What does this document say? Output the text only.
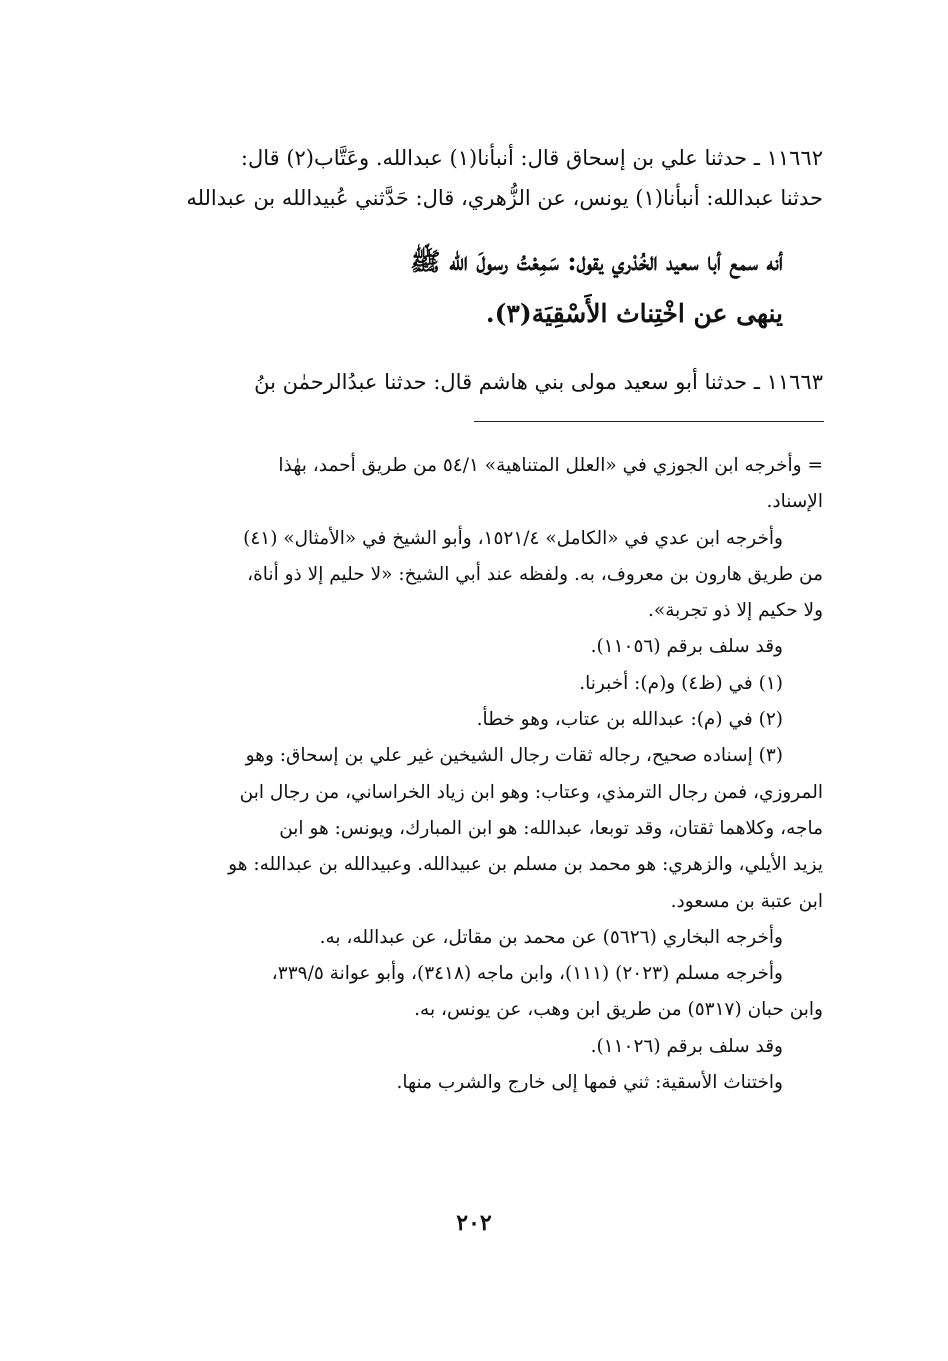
١١٦٦٢ ـ حدثنا علي بن إسحاق قال: أنبأنا(١) عبدالله. وعَتَّاب(٢) قال:
حدثنا عبدالله: أنبأنا(١) يونس، عن الزُّهري، قال: حَدَّثني عُبيدالله بن عبدالله
أنه سمع أبا سعيد الخُدْري يقول: سَمِعْتُ رسولَ الله ﷺ
ينهى عن اخْتِناث الأَسْقِيَة(٣).
١١٦٦٣ ـ حدثنا أبو سعيد مولى بني هاشم قال: حدثنا عبدُالرحمٰن بنُ
= وأخرجه ابن الجوزي في «العلل المتناهية» ٥٤/١ من طريق أحمد، بهٰذا
الإسناد.
وأخرجه ابن عدي في «الكامل» ١٥٢١/٤، وأبو الشيخ في «الأمثال» (٤١)
من طريق هارون بن معروف، به. ولفظه عند أبي الشيخ: «لا حليم إلا ذو أناة،
ولا حكيم إلا ذو تجربة».
وقد سلف برقم (١١٠٥٦).
(١) في (ظ٤) و(م): أخبرنا.
(٢) في (م): عبدالله بن عتاب، وهو خطأ.
(٣) إسناده صحيح، رجاله ثقات رجال الشيخين غير علي بن إسحاق: وهو
المروزي، فمن رجال الترمذي، وعتاب: وهو ابن زياد الخراساني، من رجال ابن
ماجه، وكلاهما ثقتان، وقد توبعا، عبدالله: هو ابن المبارك، ويونس: هو ابن
يزيد الأيلي، والزهري: هو محمد بن مسلم بن عبيدالله. وعبيدالله بن عبدالله: هو
ابن عتبة بن مسعود.
وأخرجه البخاري (٥٦٢٦) عن محمد بن مقاتل، عن عبدالله، به.
وأخرجه مسلم (٢٠٢٣) (١١١)، وابن ماجه (٣٤١٨)، وأبو عوانة ٣٣٩/٥،
وابن حبان (٥٣١٧) من طريق ابن وهب، عن يونس، به.
وقد سلف برقم (١١٠٢٦).
واختناث الأسقية: ثني فمها إلى خارج والشرب منها.
٢٠٢
